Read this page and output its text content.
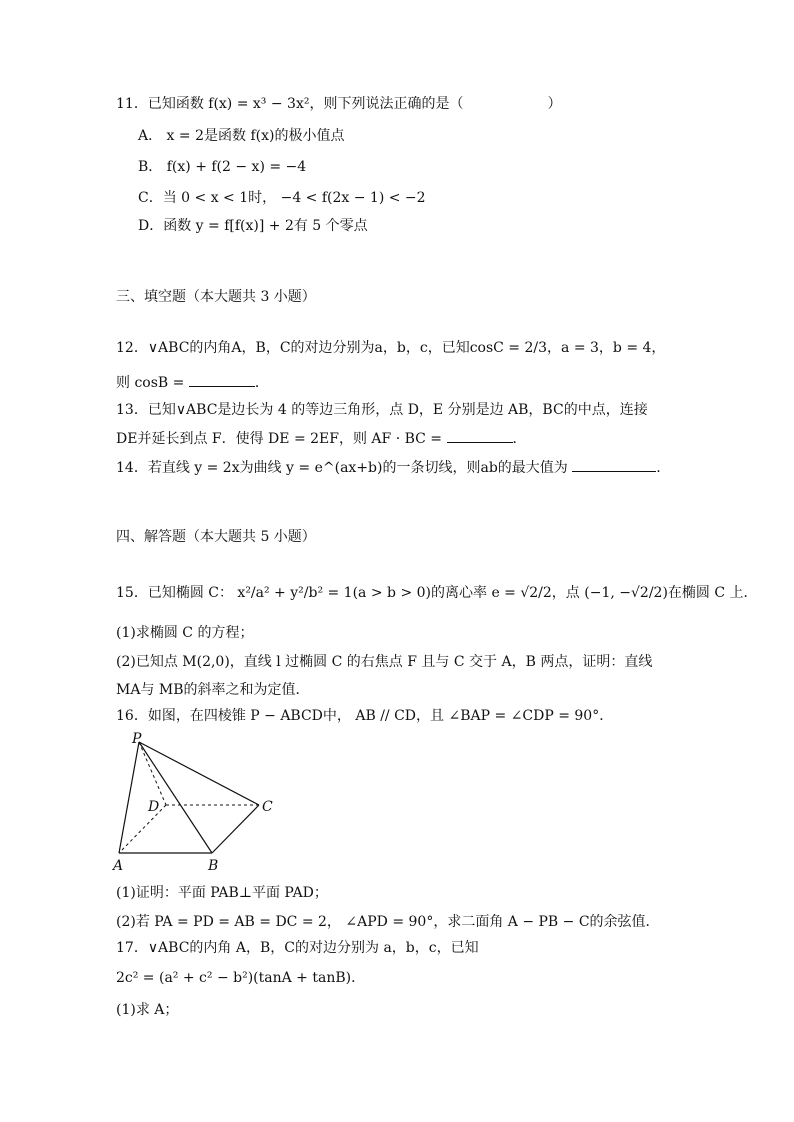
11．已知函数 f(x) = x³ − 3x²，则下列说法正确的是（　　　　　　）
A． x = 2是函数 f(x)的极小值点
B． f(x) + f(2 − x) = −4
C．当 0 < x < 1时， −4 < f(2x − 1) < −2
D．函数 y = f[f(x)] + 2有 5 个零点
三、填空题（本大题共 3 小题）
12．∨ABC的内角A，B，C的对边分别为a，b，c，已知cosC = 2/3，a = 3，b = 4，
则 cosB =	．
13．已知∨ABC是边长为 4 的等边三角形，点 D，E 分别是边 AB，BC的中点，连接
DE并延长到点 F．使得 DE = 2EF，则 AF · BC =	．
14．若直线 y = 2x为曲线 y = e^(ax+b)的一条切线，则ab的最大值为	.
四、解答题（本大题共 5 小题）
15．已知椭圆 C： x²/a² + y²/b² = 1(a > b > 0)的离心率 e = √2/2，点 (−1, −√2/2)在椭圆 C 上．
(1)求椭圆 C 的方程；
(2)已知点 M(2,0)，直线 l 过椭圆 C 的右焦点 F 且与 C 交于 A，B 两点，证明：直线
MA与 MB的斜率之和为定值．
16．如图，在四棱锥 P − ABCD中， AB // CD，且 ∠BAP = ∠CDP = 90°．
P
D	C
A	B
(1)证明：平面 PAB⊥平面 PAD；
(2)若 PA = PD = AB = DC = 2， ∠APD = 90°，求二面角 A − PB − C的余弦值．
17．∨ABC的内角 A，B，C的对边分别为 a，b，c，已知
2c² = (a² + c² − b²)(tanA + tanB)．
(1)求 A；
